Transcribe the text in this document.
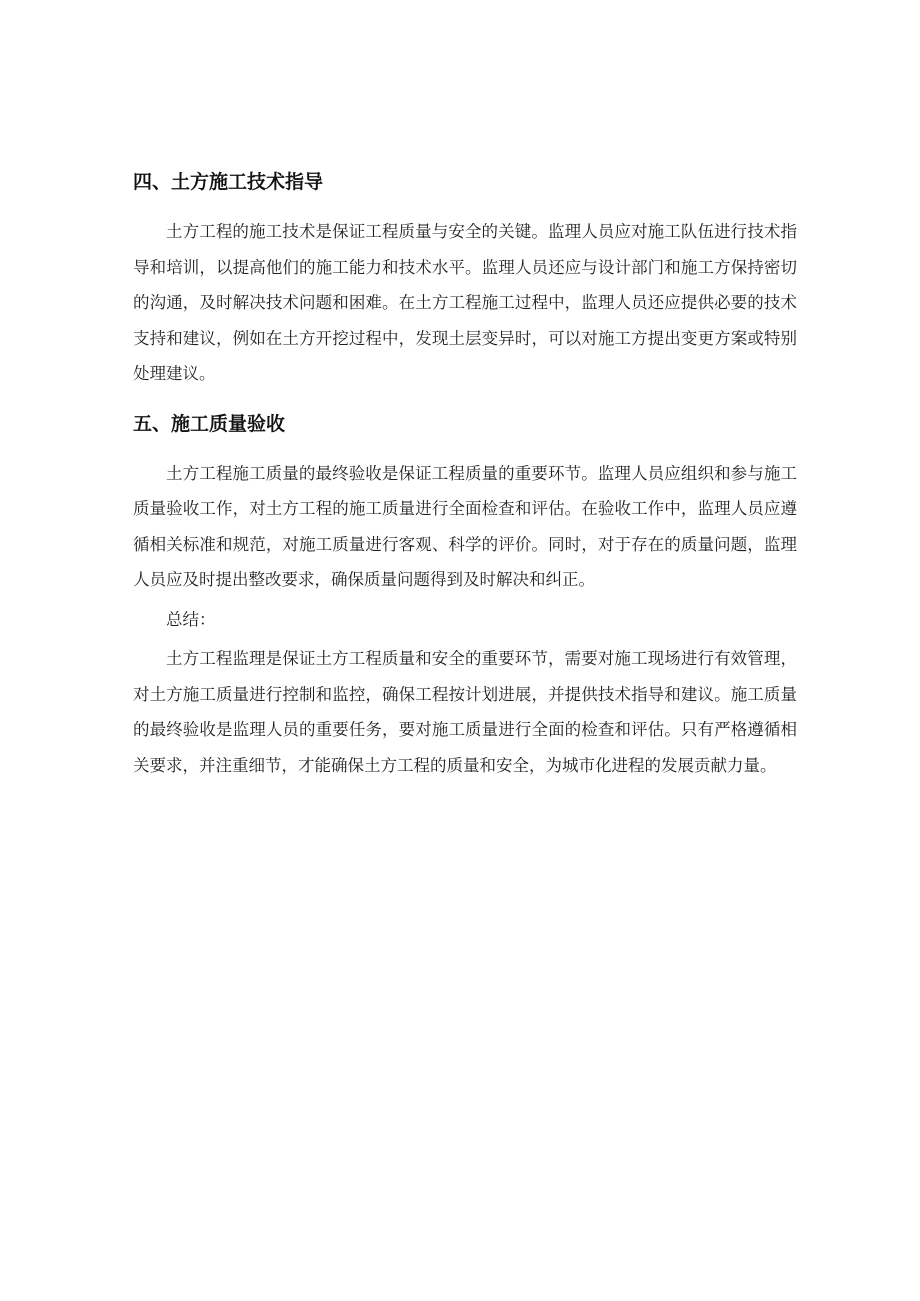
四、土方施工技术指导

土方工程的施工技术是保证工程质量与安全的关键。监理人员应对施工队伍进行技术指导和培训，以提高他们的施工能力和技术水平。监理人员还应与设计部门和施工方保持密切的沟通，及时解决技术问题和困难。在土方工程施工过程中，监理人员还应提供必要的技术支持和建议，例如在土方开挖过程中，发现土层变异时，可以对施工方提出变更方案或特别处理建议。

五、施工质量验收

土方工程施工质量的最终验收是保证工程质量的重要环节。监理人员应组织和参与施工质量验收工作，对土方工程的施工质量进行全面检查和评估。在验收工作中，监理人员应遵循相关标准和规范，对施工质量进行客观、科学的评价。同时，对于存在的质量问题，监理人员应及时提出整改要求，确保质量问题得到及时解决和纠正。

总结：

土方工程监理是保证土方工程质量和安全的重要环节，需要对施工现场进行有效管理，对土方施工质量进行控制和监控，确保工程按计划进展，并提供技术指导和建议。施工质量的最终验收是监理人员的重要任务，要对施工质量进行全面的检查和评估。只有严格遵循相关要求，并注重细节，才能确保土方工程的质量和安全，为城市化进程的发展贡献力量。
